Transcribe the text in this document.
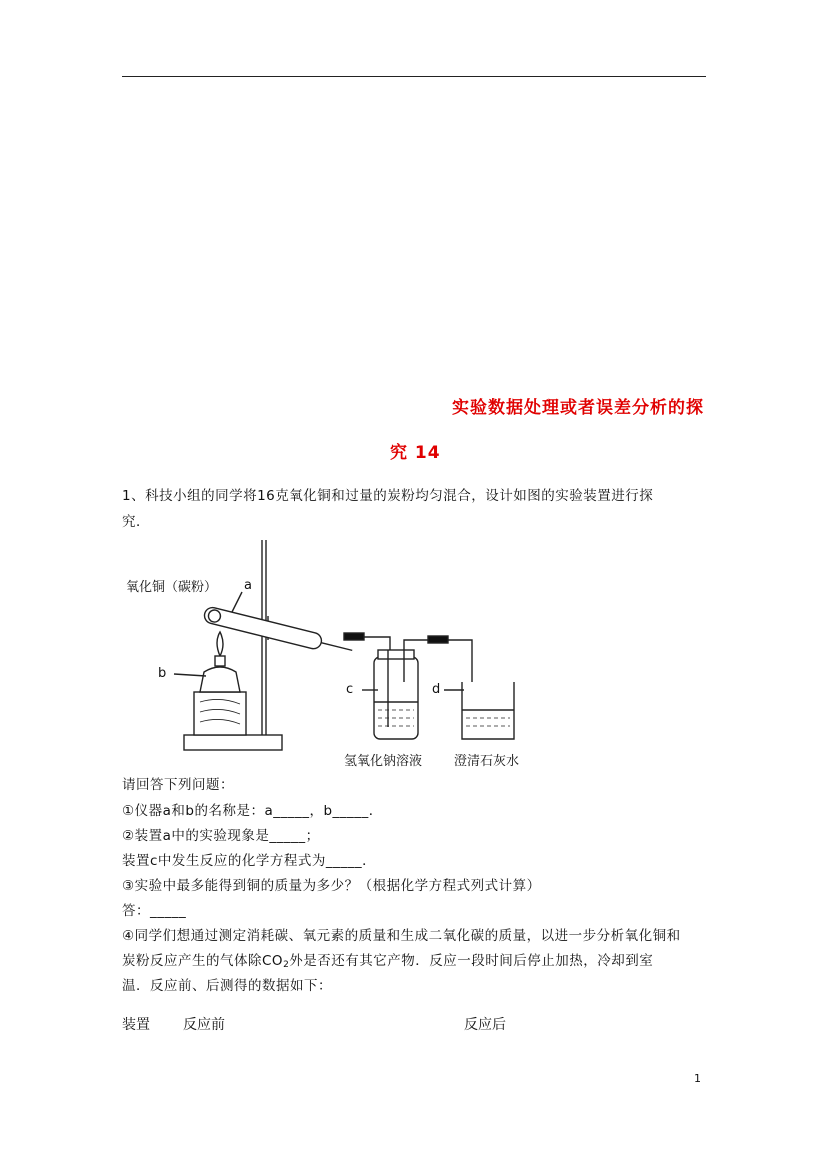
实验数据处理或者误差分析的探
究 14
1、科技小组的同学将16克氧化铜和过量的炭粉均匀混合，设计如图的实验装置进行探
究．
氧化铜（碳粉） a
b
c	d
氢氧化钠溶液 澄清石灰水
请回答下列问题：
①仪器a和b的名称是：a_____，b_____．
②装置a中的实验现象是_____；
装置c中发生反应的化学方程式为_____．
③实验中最多能得到铜的质量为多少？（根据化学方程式列式计算）
答：_____
④同学们想通过测定消耗碳、氧元素的质量和生成二氧化碳的质量，以进一步分析氧化铜和
炭粉反应产生的气体除$CO_2$外是否还有其它产物．反应一段时间后停止加热，冷却到室
温．反应前、后测得的数据如下：
装置 反应前	反应后
1
